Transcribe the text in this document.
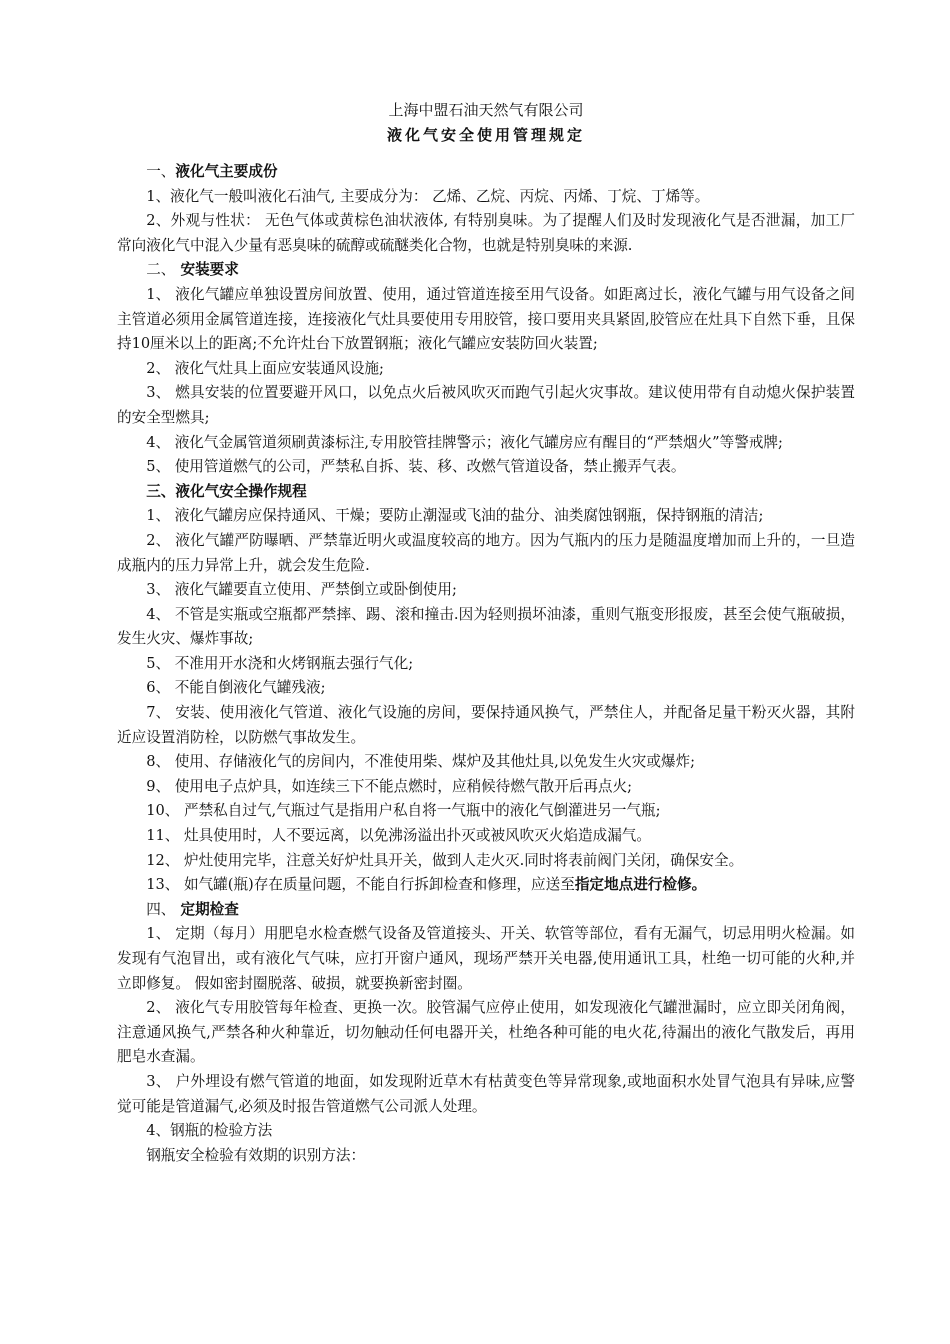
上海中盟石油天然气有限公司

液化气安全使用管理规定

一、液化气主要成份

1、液化气一般叫液化石油气, 主要成分为： 乙烯、乙烷、丙烷、丙烯、丁烷、丁烯等。

2、外观与性状： 无色气体或黄棕色油状液体, 有特别臭味。为了提醒人们及时发现液化气是否泄漏，加工厂常向液化气中混入少量有恶臭味的硫醇或硫醚类化合物，也就是特别臭味的来源.

二、 安装要求

1、 液化气罐应单独设置房间放置、使用，通过管道连接至用气设备。如距离过长，液化气罐与用气设备之间主管道必须用金属管道连接，连接液化气灶具要使用专用胶管，接口要用夹具紧固,胶管应在灶具下自然下垂，且保持10厘米以上的距离;不允许灶台下放置钢瓶；液化气罐应安装防回火装置;

2、 液化气灶具上面应安装通风设施;

3、 燃具安装的位置要避开风口，以免点火后被风吹灭而跑气引起火灾事故。建议使用带有自动熄火保护装置的安全型燃具;

4、 液化气金属管道须刷黄漆标注,专用胶管挂牌警示；液化气罐房应有醒目的“严禁烟火”等警戒牌;

5、 使用管道燃气的公司，严禁私自拆、装、移、改燃气管道设备，禁止搬弄气表。

三、液化气安全操作规程

1、 液化气罐房应保持通风、干燥；要防止潮湿或飞油的盐分、油类腐蚀钢瓶，保持钢瓶的清洁;

2、 液化气罐严防曝晒、严禁靠近明火或温度较高的地方。因为气瓶内的压力是随温度增加而上升的，一旦造成瓶内的压力异常上升，就会发生危险.

3、 液化气罐要直立使用、严禁倒立或卧倒使用;

4、 不管是实瓶或空瓶都严禁摔、踢、滚和撞击.因为轻则损坏油漆，重则气瓶变形报废，甚至会使气瓶破损，发生火灾、爆炸事故;

5、 不准用开水浇和火烤钢瓶去强行气化;

6、 不能自倒液化气罐残液;

7、 安装、使用液化气管道、液化气设施的房间，要保持通风换气，严禁住人，并配备足量干粉灭火器，其附近应设置消防栓，以防燃气事故发生。

8、 使用、存储液化气的房间内，不准使用柴、煤炉及其他灶具,以免发生火灾或爆炸;

9、 使用电子点炉具，如连续三下不能点燃时，应稍候待燃气散开后再点火;

10、 严禁私自过气,气瓶过气是指用户私自将一气瓶中的液化气倒灌进另一气瓶;

11、 灶具使用时，人不要远离，以免沸汤溢出扑灭或被风吹灭火焰造成漏气。

12、 炉灶使用完毕，注意关好炉灶具开关，做到人走火灭.同时将表前阀门关闭，确保安全。

13、 如气罐(瓶)存在质量问题，不能自行拆卸检查和修理，应送至指定地点进行检修。

四、 定期检查

1、 定期（每月）用肥皂水检查燃气设备及管道接头、开关、软管等部位，看有无漏气，切忌用明火检漏。如发现有气泡冒出，或有液化气气味，应打开窗户通风，现场严禁开关电器,使用通讯工具，杜绝一切可能的火种,并立即修复。 假如密封圈脱落、破损，就要换新密封圈。

2、 液化气专用胶管每年检查、更换一次。胶管漏气应停止使用，如发现液化气罐泄漏时，应立即关闭角阀，注意通风换气,严禁各种火种靠近，切勿触动任何电器开关，杜绝各种可能的电火花,待漏出的液化气散发后，再用肥皂水查漏。

3、 户外埋设有燃气管道的地面，如发现附近草木有枯黄变色等异常现象,或地面积水处冒气泡具有异味,应警觉可能是管道漏气,必须及时报告管道燃气公司派人处理。

4、钢瓶的检验方法

钢瓶安全检验有效期的识别方法：
